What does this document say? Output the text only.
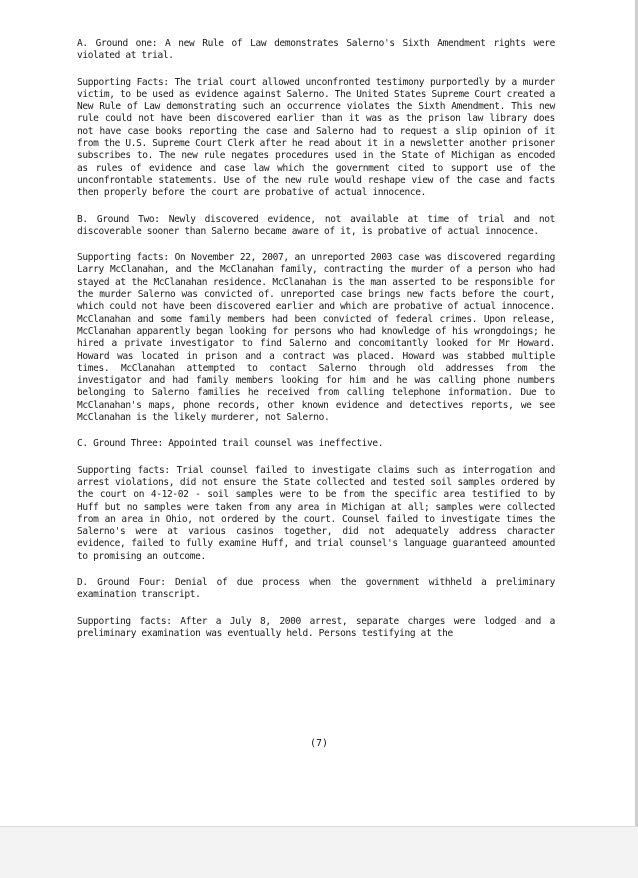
A. Ground one: A new Rule of Law demonstrates Salerno's Sixth Amendment rights were violated at trial.

Supporting Facts: The trial court allowed unconfronted testimony purportedly by a murder victim, to be used as evidence against Salerno. The United States Supreme Court created a New Rule of Law demonstrating such an occurrence violates the Sixth Amendment. This new rule could not have been discovered earlier than it was as the prison law library does not have case books reporting the case and Salerno had to request a slip opinion of it from the U.S. Supreme Court Clerk after he read about it in a newsletter another prisoner subscribes to. The new rule negates procedures used in the State of Michigan as encoded as rules of evidence and case law which the government cited to support use of the unconfrontable statements. Use of the new rule would reshape view of the case and facts then properly before the court are probative of actual innocence.

B. Ground Two: Newly discovered evidence, not available at time of trial and not discoverable sooner than Salerno became aware of it, is probative of actual innocence.

Supporting facts: On November 22, 2007, an unreported 2003 case was discovered regarding Larry McClanahan, and the McClanahan family, contracting the murder of a person who had stayed at the McClanahan residence. McClanahan is the man asserted to be responsible for the murder Salerno was convicted of. unreported case brings new facts before the court, which could not have been discovered earlier and which are probative of actual innocence. McClanahan and some family members had been convicted of federal crimes. Upon release, McClanahan apparently began looking for persons who had knowledge of his wrongdoings; he hired a private investigator to find Salerno and concomitantly looked for Mr Howard. Howard was located in prison and a contract was placed. Howard was stabbed multiple times. McClanahan attempted to contact Salerno through old addresses from the investigator and had family members looking for him and he was calling phone numbers belonging to Salerno families he received from calling telephone information. Due to McClanahan's maps, phone records, other known evidence and detectives reports, we see McClanahan is the likely murderer, not Salerno.

C. Ground Three: Appointed trail counsel was ineffective.

Supporting facts: Trial counsel failed to investigate claims such as interrogation and arrest violations, did not ensure the State collected and tested soil samples ordered by the court on 4-12-02 - soil samples were to be from the specific area testified to by Huff but no samples were taken from any area in Michigan at all; samples were collected from an area in Ohio, not ordered by the court. Counsel failed to investigate times the Salerno's were at various casinos together, did not adequately address character evidence, failed to fully examine Huff, and trial counsel's language guaranteed amounted to promising an outcome.

D. Ground Four: Denial of due process when the government withheld a preliminary examination transcript.

Supporting facts: After a July 8, 2000 arrest, separate charges were lodged and a preliminary examination was eventually held. Persons testifying at the

(7)
